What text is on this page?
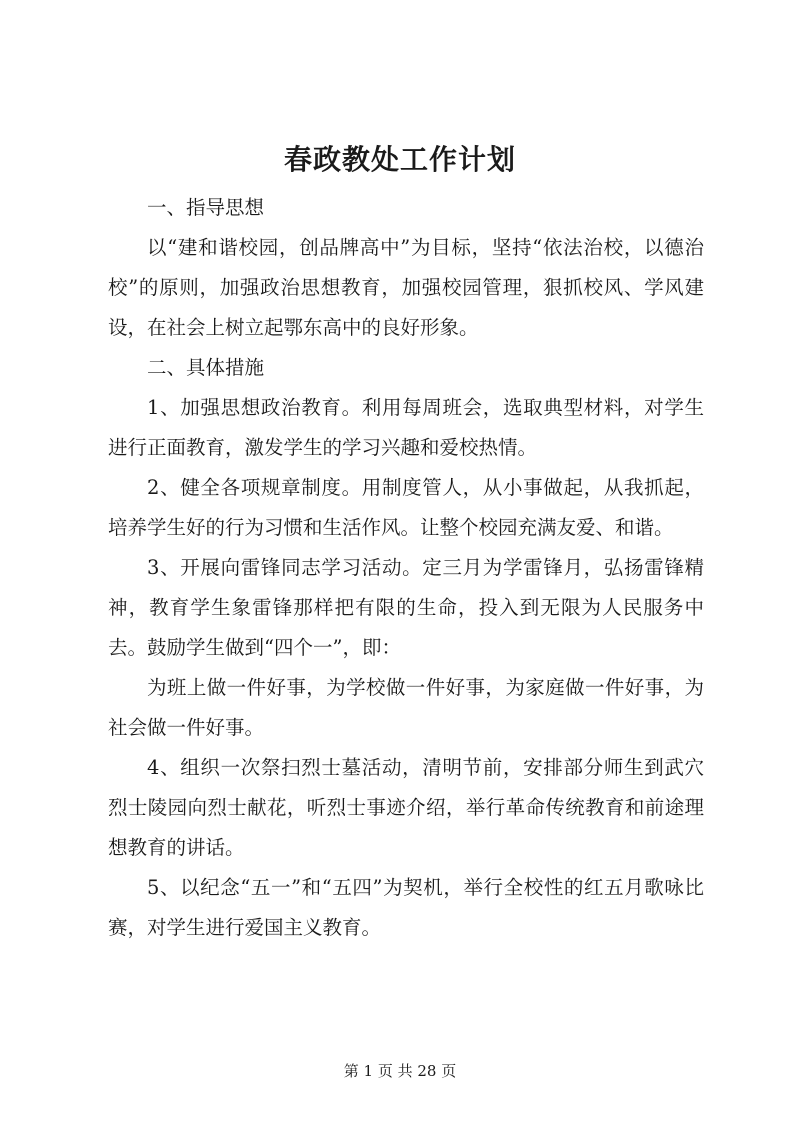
春政教处工作计划

一、指导思想

以“建和谐校园，创品牌高中”为目标，坚持“依法治校，以德治校”的原则，加强政治思想教育，加强校园管理，狠抓校风、学风建设，在社会上树立起鄂东高中的良好形象。

二、具体措施

1、加强思想政治教育。利用每周班会，选取典型材料，对学生进行正面教育，激发学生的学习兴趣和爱校热情。

2、健全各项规章制度。用制度管人，从小事做起，从我抓起，培养学生好的行为习惯和生活作风。让整个校园充满友爱、和谐。

3、开展向雷锋同志学习活动。定三月为学雷锋月，弘扬雷锋精神，教育学生象雷锋那样把有限的生命，投入到无限为人民服务中去。鼓励学生做到“四个一”，即：

为班上做一件好事，为学校做一件好事，为家庭做一件好事，为社会做一件好事。

4、组织一次祭扫烈士墓活动，清明节前，安排部分师生到武穴烈士陵园向烈士献花，听烈士事迹介绍，举行革命传统教育和前途理想教育的讲话。

5、以纪念“五一”和“五四”为契机，举行全校性的红五月歌咏比赛，对学生进行爱国主义教育。

第 1 页 共 28 页
